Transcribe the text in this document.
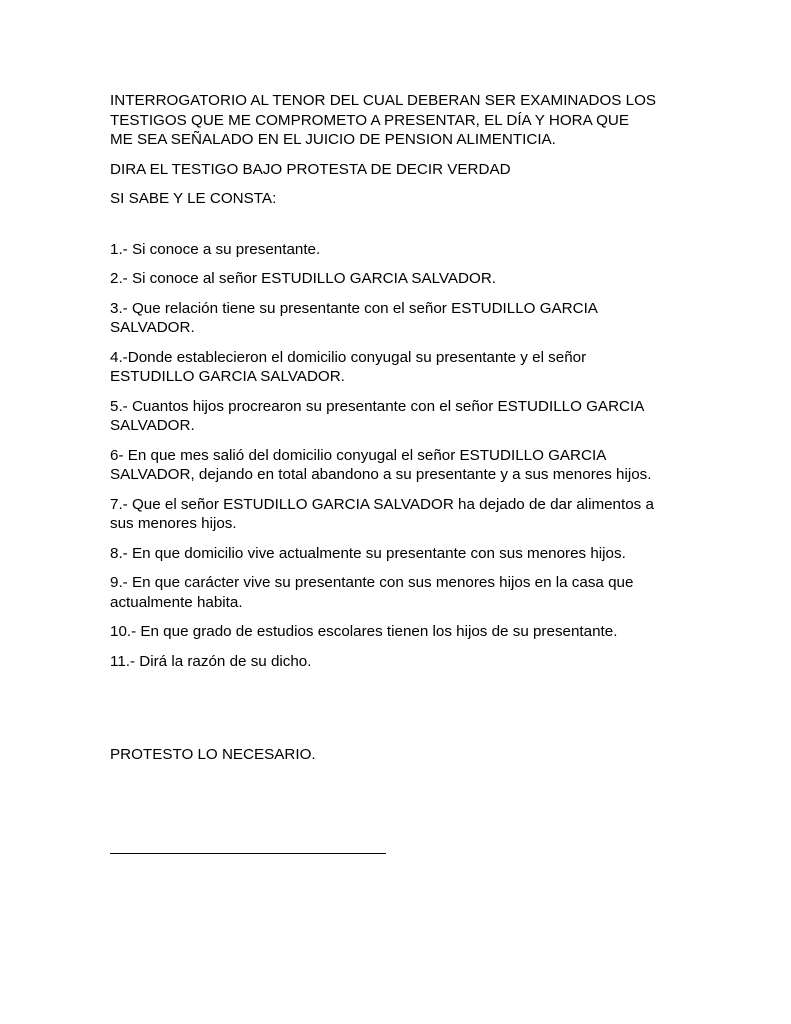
INTERROGATORIO AL TENOR DEL CUAL DEBERAN SER EXAMINADOS LOS
TESTIGOS QUE ME COMPROMETO A PRESENTAR, EL DÍA Y HORA QUE
ME SEA SEÑALADO EN EL JUICIO DE PENSION ALIMENTICIA.

DIRA EL TESTIGO BAJO PROTESTA DE DECIR VERDAD

SI SABE Y LE CONSTA:

1.- Si conoce a su presentante.

2.- Si conoce al señor ESTUDILLO GARCIA SALVADOR.

3.- Que relación tiene su presentante con el señor ESTUDILLO GARCIA
SALVADOR.

4.-Donde establecieron el domicilio conyugal su presentante y el señor
ESTUDILLO GARCIA SALVADOR.

5.- Cuantos hijos procrearon su presentante con el señor ESTUDILLO GARCIA
SALVADOR.

6- En que mes salió del domicilio conyugal el señor ESTUDILLO GARCIA
SALVADOR, dejando en total abandono a su presentante y a sus menores hijos.

7.- Que el señor ESTUDILLO GARCIA SALVADOR ha dejado de dar alimentos a
sus menores hijos.

8.- En que domicilio vive actualmente su presentante con sus menores hijos.

9.- En que carácter vive su presentante con sus menores hijos en la casa que
actualmente habita.

10.- En que grado de estudios escolares tienen los hijos de su presentante.

11.- Dirá la razón de su dicho.

PROTESTO LO NECESARIO.
